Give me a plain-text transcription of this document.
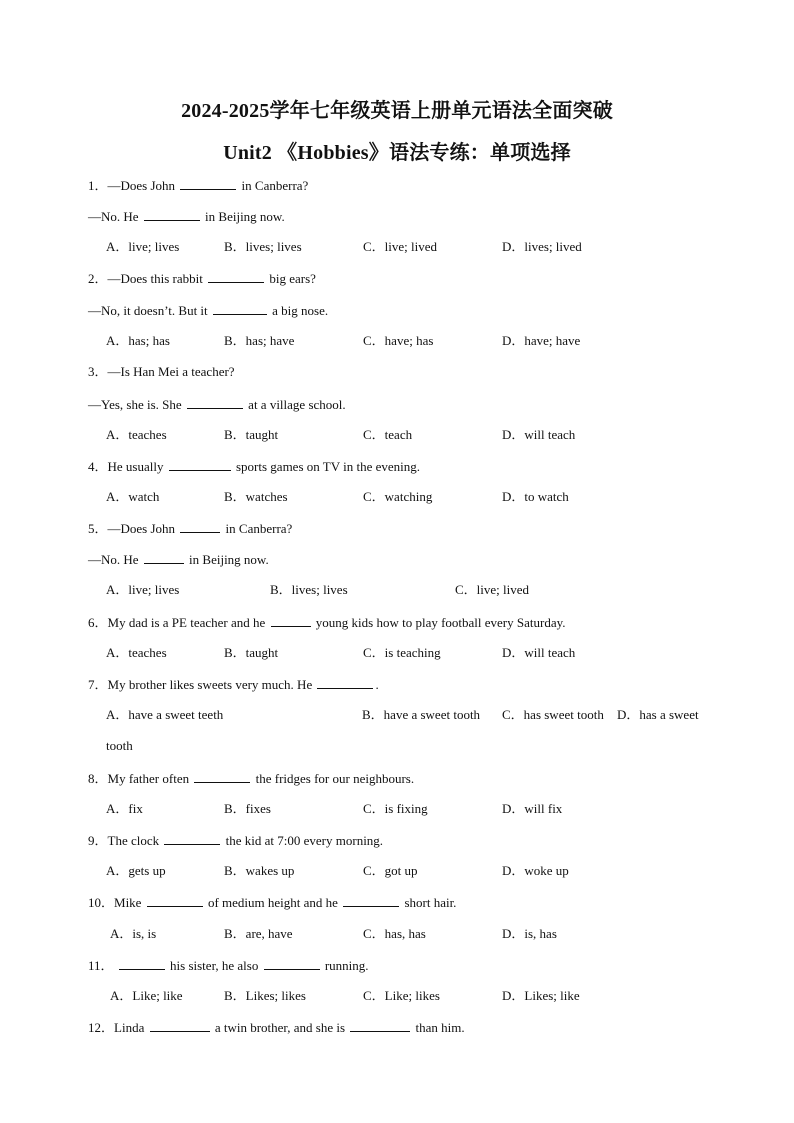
2024-2025学年七年级英语上册单元语法全面突破
Unit2 《Hobbies》语法专练：单项选择
1．—Does John	in Canberra?
—No. He	in Beijing now.
A．live; lives	B．lives; lives	C．live; lived	D．lives; lived
2．—Does this rabbit	big ears?
—No, it doesn’t. But it	a big nose.
A．has; has	B．has; have	C．have; has	D．have; have
3．—Is Han Mei a teacher?
—Yes, she is. She	at a village school.
A．teaches	B．taught	C．teach	D．will teach
4．He usually	sports games on TV in the evening.
A．watch	B．watches	C．watching	D．to watch
5．—Does John	in Canberra?
—No. He	in Beijing now.
A．live; lives	B．lives; lives	C．live; lived
6．My dad is a PE teacher and he	young kids how to play football every Saturday.
A．teaches	B．taught	C．is teaching	D．will teach
7．My brother likes sweets very much. He	.
A．have a sweet teeth	B．have a sweet tooth C．has sweet tooth D．has a sweet
tooth
8．My father often	the fridges for our neighbours.
A．fix	B．fixes	C．is fixing	D．will fix
9．The clock	the kid at 7:00 every morning.
A．gets up	B．wakes up	C．got up	D．woke up
10．Mike	of medium height and he	short hair.
A．is, is	B．are, have	C．has, has	D．is, has
11．	his sister, he also	running.
A．Like; like	B．Likes; likes	C．Like; likes	D．Likes; like
12．Linda	a twin brother, and she is	than him.
